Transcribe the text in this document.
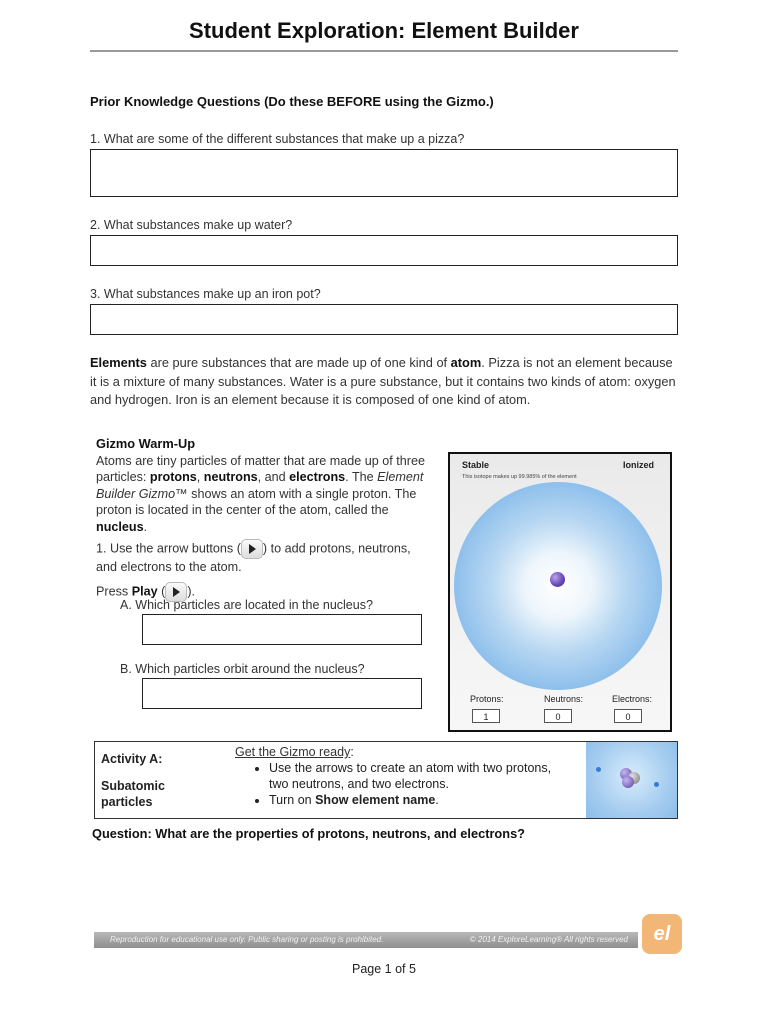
Student Exploration: Element Builder
Prior Knowledge Questions (Do these BEFORE using the Gizmo.)
1. What are some of the different substances that make up a pizza?
2. What substances make up water?
3. What substances make up an iron pot?
Elements are pure substances that are made up of one kind of atom. Pizza is not an element because it is a mixture of many substances. Water is a pure substance, but it contains two kinds of atom: oxygen and hydrogen. Iron is an element because it is composed of one kind of atom.
Gizmo Warm-Up
Atoms are tiny particles of matter that are made up of three particles: protons, neutrons, and electrons. The Element Builder Gizmo™ shows an atom with a single proton. The proton is located in the center of the atom, called the nucleus.
1. Use the arrow buttons ( ) to add protons, neutrons, and electrons to the atom.
Press Play ( ).
A. Which particles are located in the nucleus?
B. Which particles orbit around the nucleus?
Stable	Ionized
This isotope makes up 99.985% of the element
Protons:	Neutrons:	Electrons:
1	0	0
Activity A:
Subatomic particles
Get the Gizmo ready:
• Use the arrows to create an atom with two protons, two neutrons, and two electrons.
• Turn on Show element name.
Question: What are the properties of protons, neutrons, and electrons?
Reproduction for educational use only. Public sharing or posting is prohibited.	© 2014 ExploreLearning® All rights reserved	el
Page 1 of 5
